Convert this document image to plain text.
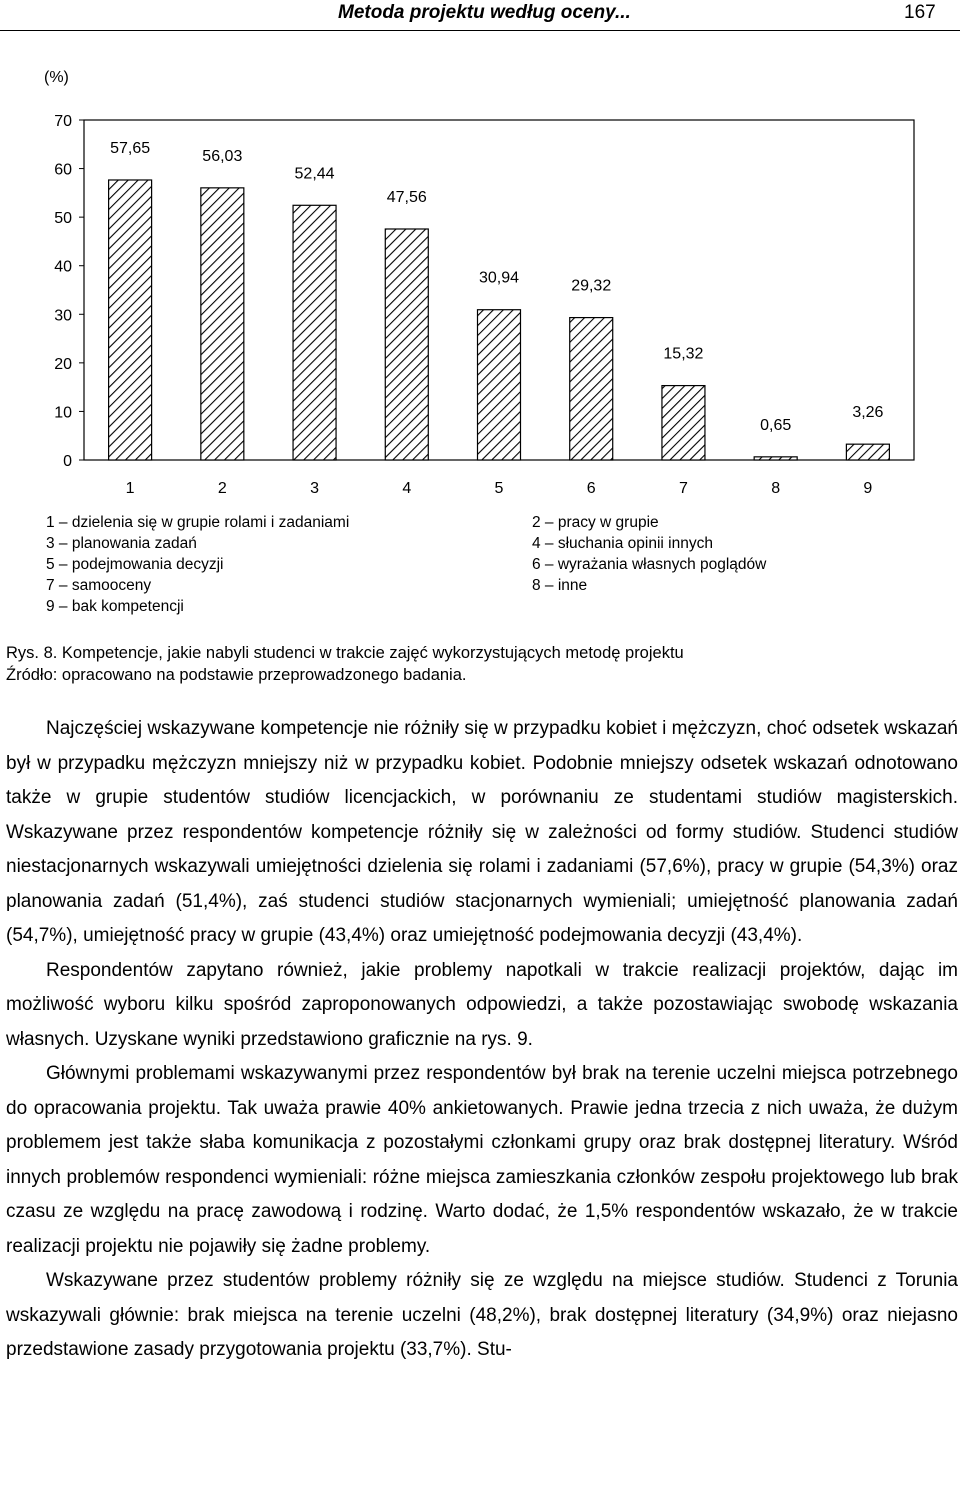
Metoda projektu według oceny...	167
(%)
0
10
20
30
40
50
60
70
57,65	56,03
52,44
47,56
30,94	29,32
15,32
0,65
3,26
1	2	3	4	5	6	7	8	9
1 – dzielenia się w grupie rolami i zadaniami
3 – planowania zadań
5 – podejmowania decyzji
7 – samooceny
9 – bak kompetencji
2 – pracy w grupie
4 – słuchania opinii innych
6 – wyrażania własnych poglądów
8 – inne
Rys. 8. Kompetencje, jakie nabyli studenci w trakcie zajęć wykorzystujących metodę projektu
Źródło: opracowano na podstawie przeprowadzonego badania.

Najczęściej wskazywane kompetencje nie różniły się w przypadku kobiet i mężczyzn, choć odsetek wskazań był w przypadku mężczyzn mniejszy niż w przypadku kobiet. Podobnie mniejszy odsetek wskazań odnotowano także w grupie studentów studiów licencjackich, w porównaniu ze studentami studiów magisterskich. Wskazywane przez respondentów kompetencje różniły się w zależności od formy studiów. Studenci studiów niestacjonarnych wskazywali umiejętności dzielenia się rolami i zadaniami (57,6%), pracy w grupie (54,3%) oraz planowania zadań (51,4%), zaś studenci studiów stacjonarnych wymieniali; umiejętność planowania zadań (54,7%), umiejętność pracy w grupie (43,4%) oraz umiejętność podejmowania decyzji (43,4%).

Respondentów zapytano również, jakie problemy napotkali w trakcie realizacji projektów, dając im możliwość wyboru kilku spośród zaproponowanych odpowiedzi, a także pozostawiając swobodę wskazania własnych. Uzyskane wyniki przedstawiono graficznie na rys. 9.

Głównymi problemami wskazywanymi przez respondentów był brak na terenie uczelni miejsca potrzebnego do opracowania projektu. Tak uważa prawie 40% ankietowanych. Prawie jedna trzecia z nich uważa, że dużym problemem jest także słaba komunikacja z pozostałymi członkami grupy oraz brak dostępnej literatury. Wśród innych problemów respondenci wymieniali: różne miejsca zamieszkania członków zespołu projektowego lub brak czasu ze względu na pracę zawodową i rodzinę. Warto dodać, że 1,5% respondentów wskazało, że w trakcie realizacji projektu nie pojawiły się żadne problemy.

Wskazywane przez studentów problemy różniły się ze względu na miejsce studiów. Studenci z Torunia wskazywali głównie: brak miejsca na terenie uczelni (48,2%), brak dostępnej literatury (34,9%) oraz niejasno przedstawione zasady przygotowania projektu (33,7%). Stu-
